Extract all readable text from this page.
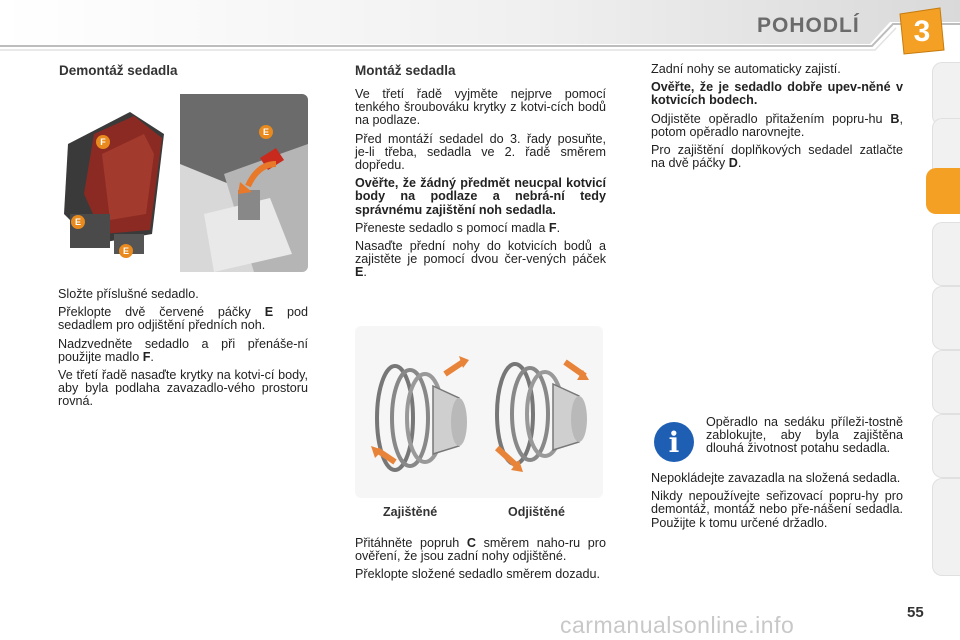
POHODLÍ	3
Demontáž sedadla
F
E
E
E

Složte příslušné sedadlo.

Překlopte dvě červené páčky E pod sedadlem pro odjištění předních noh.

Nadzvedněte sedadlo a při přenáše-ní použijte madlo F.

Ve třetí řadě nasaďte krytky na kotvi-cí body, aby byla podlaha zavazadlo-vého prostoru rovná.

Montáž sedadla

Ve třetí řadě vyjměte nejprve pomocí tenkého šroubováku krytky z kotvi-cích bodů na podlaze.

Před montáží sedadel do 3. řady posuňte, je-li třeba, sedadla ve 2. řadě směrem dopředu.

Ověřte, že žádný předmět neucpal kotvicí body na podlaze a nebrá-ní tedy správnému zajištění noh sedadla.

Přeneste sedadlo s pomocí madla F.

Nasaďte přední nohy do kotvicích bodů a zajistěte je pomocí dvou čer-vených páček E.

Zajištěné	Odjištěné

Přitáhněte popruh C směrem naho-ru pro ověření, že jsou zadní nohy odjištěné.

Překlopte složené sedadlo směrem dozadu.

Zadní nohy se automaticky zajistí.

Ověřte, že je sedadlo dobře upev-něné v kotvicích bodech.

Odjistěte opěradlo přitažením popru-hu B, potom opěradlo narovnejte.

Pro zajištění doplňkových sedadel zatlačte na dvě páčky D.

i

Opěradlo na sedáku příleži-tostně zablokujte, aby byla zajištěna dlouhá životnost potahu sedadla.

Nepokládejte zavazadla na složená sedadla.

Nikdy nepoužívejte seřizovací popru-hy pro demontáž, montáž nebo pře-nášení sedadla. Použijte k tomu určené držadlo.

carmanualsonline.info	55
